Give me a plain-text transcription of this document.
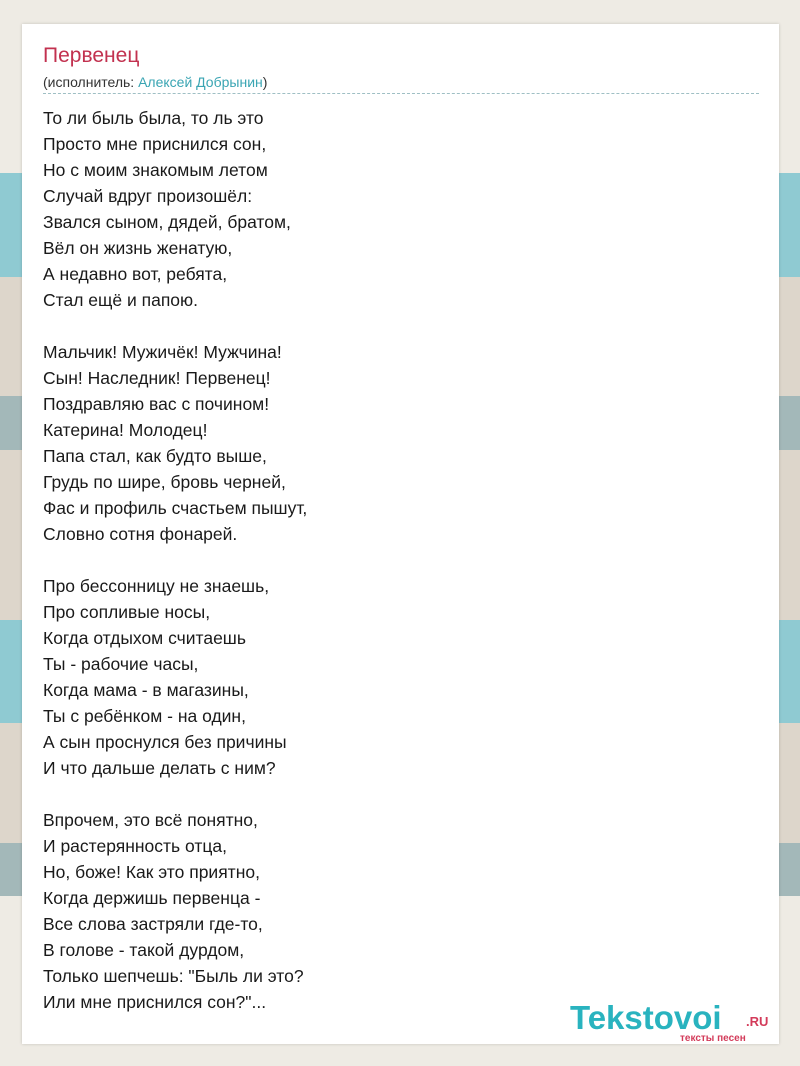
Первенец
(исполнитель: Алексей Добрынин)
То ли быль была, то ль это
Просто мне приснился сон,
Но с моим знакомым летом
Случай вдруг произошёл:
Звался сыном, дядей, братом,
Вёл он жизнь женатую,
А недавно вот, ребята,
Стал ещё и папою.
Мальчик! Мужичёк! Мужчина!
Сын! Наследник! Первенец!
Поздравляю вас с почином!
Катерина! Молодец!
Папа стал, как будто выше,
Грудь по шире, бровь черней,
Фас и профиль счастьем пышут,
Словно сотня фонарей.
Про бессонницу не знаешь,
Про сопливые носы,
Когда отдыхом считаешь
Ты - рабочие часы,
Когда мама - в магазины,
Ты с ребёнком - на один,
А сын проснулся без причины
И что дальше делать с ним?
Впрочем, это всё понятно,
И растерянность отца,
Но, боже! Как это приятно,
Когда держишь первенца -
Все слова застряли где-то,
В голове - такой дурдом,
Только шепчешь: "Быль ли это?
Или мне приснился сон?"...	Tekstovoi .RU
тексты песен
